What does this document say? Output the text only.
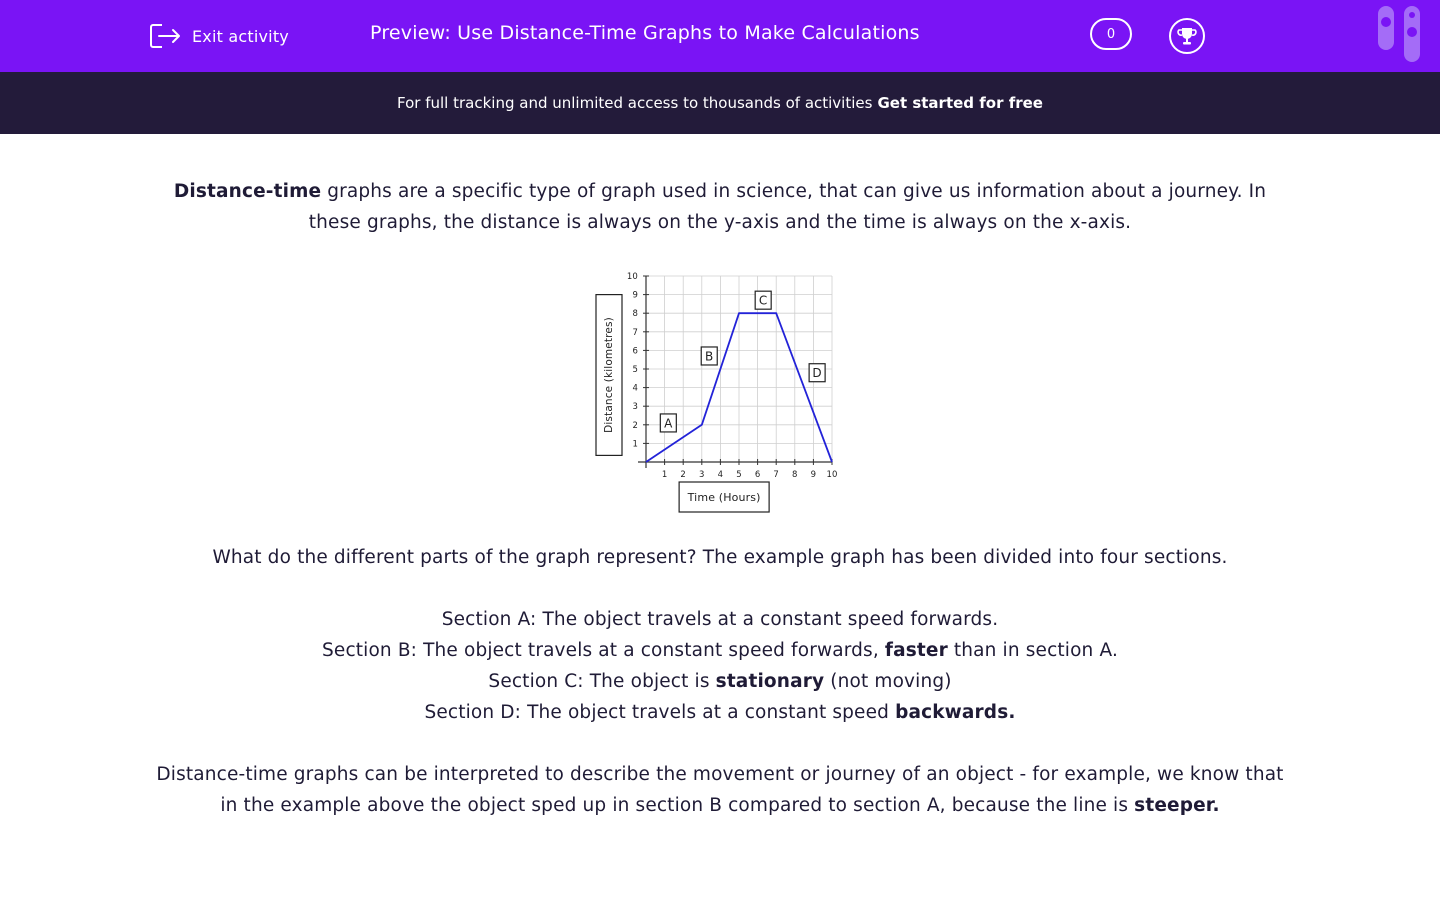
Exit activity	Preview: Use Distance-Time Graphs to Make Calculations	0
For full tracking and unlimited access to thousands of activities Get started for free

Distance-time graphs are a specific type of graph used in science, that can give us information about a journey. In these graphs, the distance is always on the y-axis and the time is always on the x-axis.

1 2 3 4 5 6 7 8 9 10
1
2
3
4
5
6
7
8
9
10
Distance (kilometres)
Time (Hours)
A
B
C
D

What do the different parts of the graph represent? The example graph has been divided into four sections.

Section A: The object travels at a constant speed forwards.

Section B: The object travels at a constant speed forwards, faster than in section A.

Section C: The object is stationary (not moving)

Section D: The object travels at a constant speed backwards.

Distance-time graphs can be interpreted to describe the movement or journey of an object - for example, we know that in the example above the object sped up in section B compared to section A, because the line is steeper.
